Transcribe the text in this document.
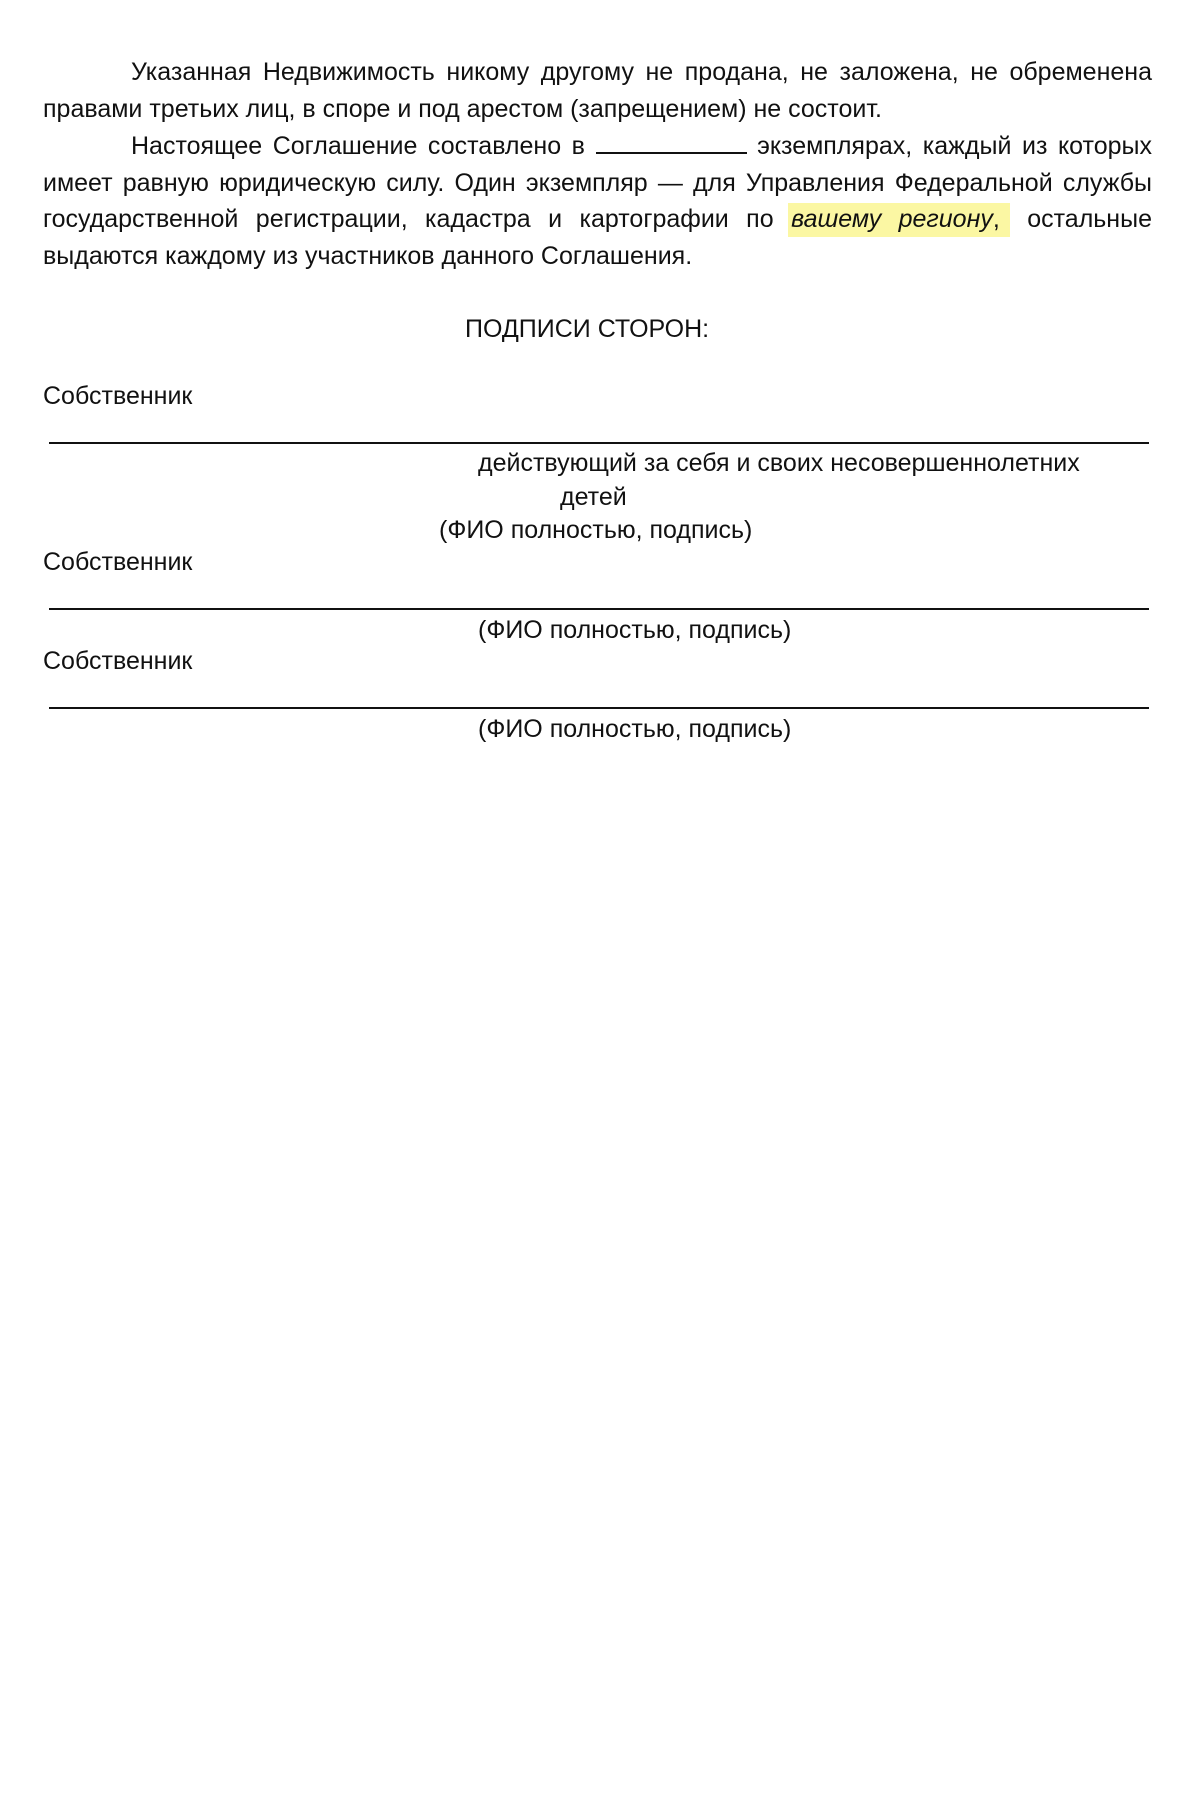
Указанная Недвижимость никому другому не продана, не заложена, не обременена правами третьих лиц, в споре и под арестом (запрещением) не состоит.

Настоящее Соглашение составлено в	экземплярах, каждый из которых имеет равную юридическую силу. Один экземпляр — для Управления Федеральной службы государственной регистрации, кадастра и картографии по вашему региону, остальные выдаются каждому из участников данного Соглашения.

ПОДПИСИ СТОРОН:
Собственник
действующий за себя и своих несовершеннолетних
детей
(ФИО полностью, подпись)
Собственник
(ФИО полностью, подпись)
Собственник
(ФИО полностью, подпись)
